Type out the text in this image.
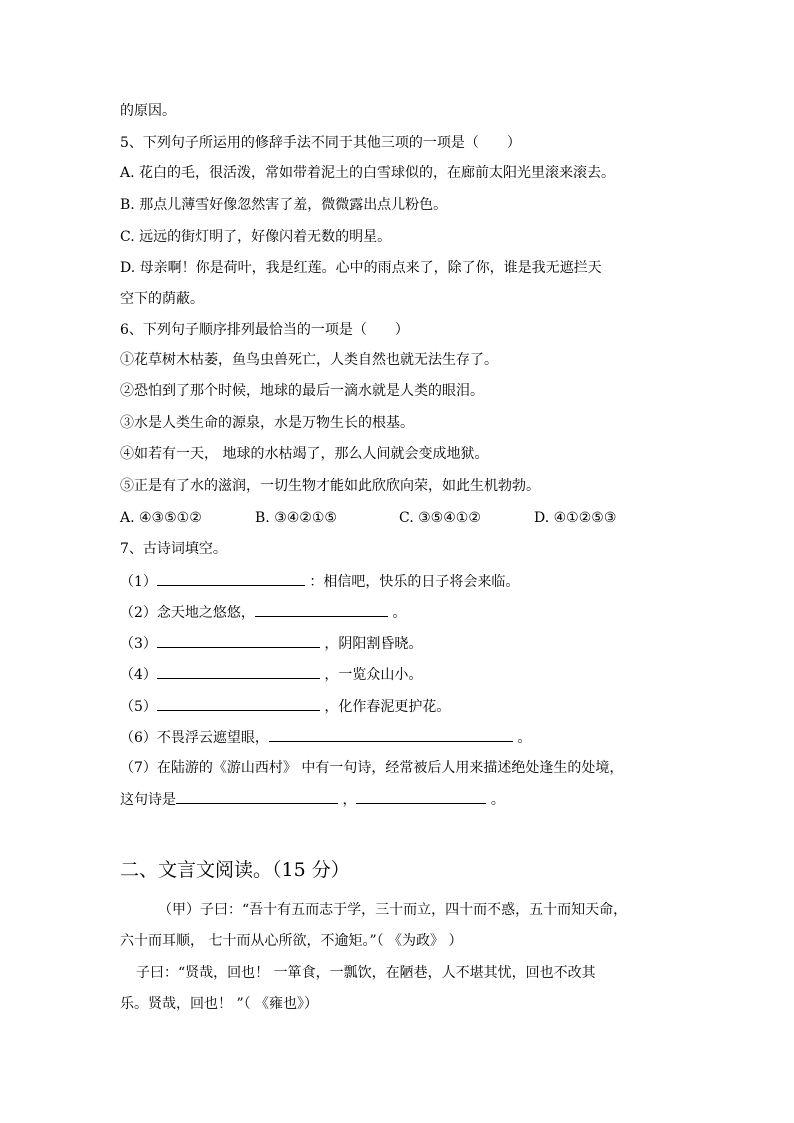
的原因。
5、下列句子所运用的修辞手法不同于其他三项的一项是（　　）
A. 花白的毛，很活泼，常如带着泥土的白雪球似的，在廊前太阳光里滚来滚去。
B. 那点儿薄雪好像忽然害了羞，微微露出点儿粉色。
C. 远远的街灯明了，好像闪着无数的明星。
D. 母亲啊！你是荷叶，我是红莲。心中的雨点来了，除了你，谁是我无遮拦天
空下的荫蔽。
6、下列句子顺序排列最恰当的一项是（　　）
①花草树木枯萎，鱼鸟虫兽死亡，人类自然也就无法生存了。
②恐怕到了那个时候，地球的最后一滴水就是人类的眼泪。
③水是人类生命的源泉，水是万物生长的根基。
④如若有一天， 地球的水枯竭了，那么人间就会变成地狱。
⑤正是有了水的滋润，一切生物才能如此欣欣向荣，如此生机勃勃。
A. ④③⑤①②	B. ③④②①⑤	C. ③⑤④①②	D. ④①②⑤③
7、古诗词填空。
（1）	：相信吧，快乐的日子将会来临。
（2）念天地之悠悠，	。
（3）	，阴阳割昏晓。
（4）	，一览众山小。
（5）	，化作春泥更护花。
（6）不畏浮云遮望眼，	。
（7）在陆游的《游山西村》 中有一句诗，经常被后人用来描述绝处逢生的处境，
这句诗是	，	。
二、文言文阅读。（15 分）
（甲）子曰：“吾十有五而志于学，三十而立，四十而不惑，五十而知天命，
六十而耳顺， 七十而从心所欲，不逾矩。”（ 《为政》 ）
子曰：“贤哉，回也！ 一箪食，一瓢饮，在陋巷，人不堪其忧，回也不改其
乐。贤哉，回也！ ”（ 《雍也》）
